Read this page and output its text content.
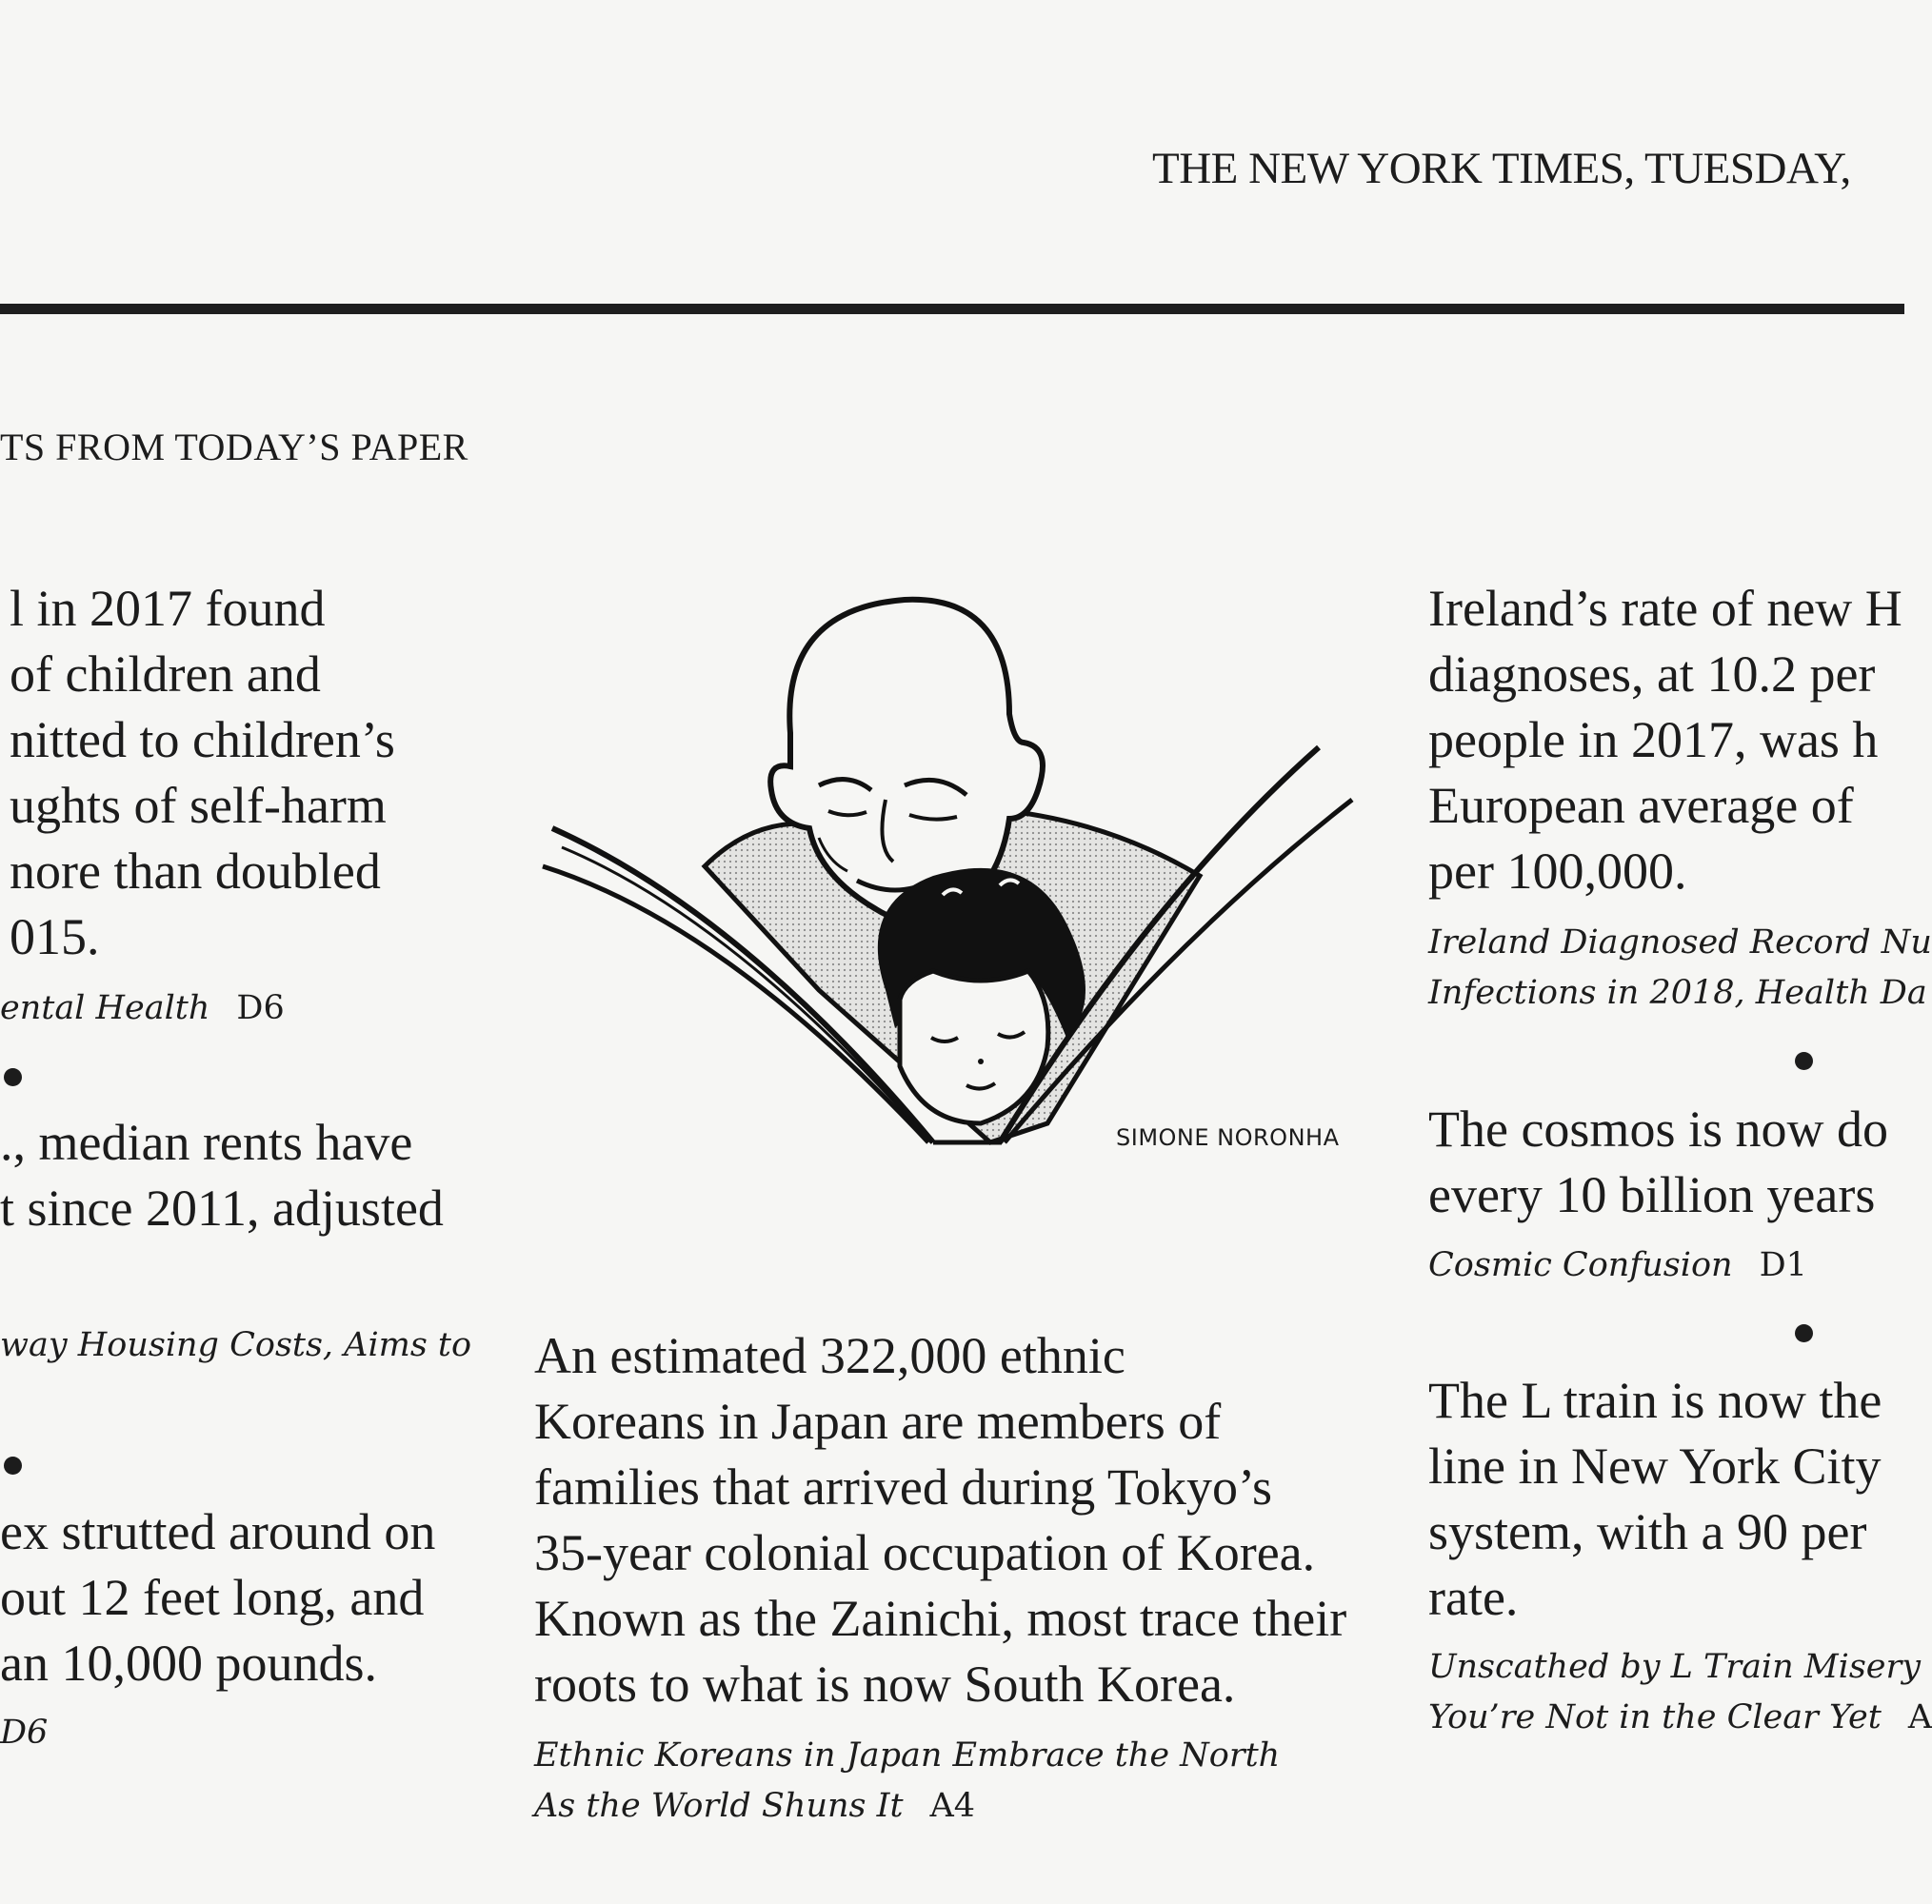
THE NEW YORK TIMES, TUESDAY,
TS FROM TODAY’S PAPER
l in 2017 found
of children and
nitted to children’s
ughts of self-harm
nore than doubled
015.
ental Health D6
., median rents have
t since 2011, adjusted
way Housing Costs, Aims to
ex strutted around on
out 12 feet long, and
an 10,000 pounds.
D6
SIMONE NORONHA
An estimated 322,000 ethnic
Koreans in Japan are members of
families that arrived during Tokyo’s
35-year colonial occupation of Korea.
Known as the Zainichi, most trace their
roots to what is now South Korea.
Ethnic Koreans in Japan Embrace the North
As the World Shuns It A4
Ireland’s rate of new H
diagnoses, at 10.2 per
people in 2017, was h
European average of
per 100,000.
Ireland Diagnosed Record Nu
Infections in 2018, Health Da
The cosmos is now do
every 10 billion years
Cosmic Confusion D1
The L train is now the
line in New York City
system, with a 90 per
rate.
Unscathed by L Train Misery
You’re Not in the Clear Yet A
